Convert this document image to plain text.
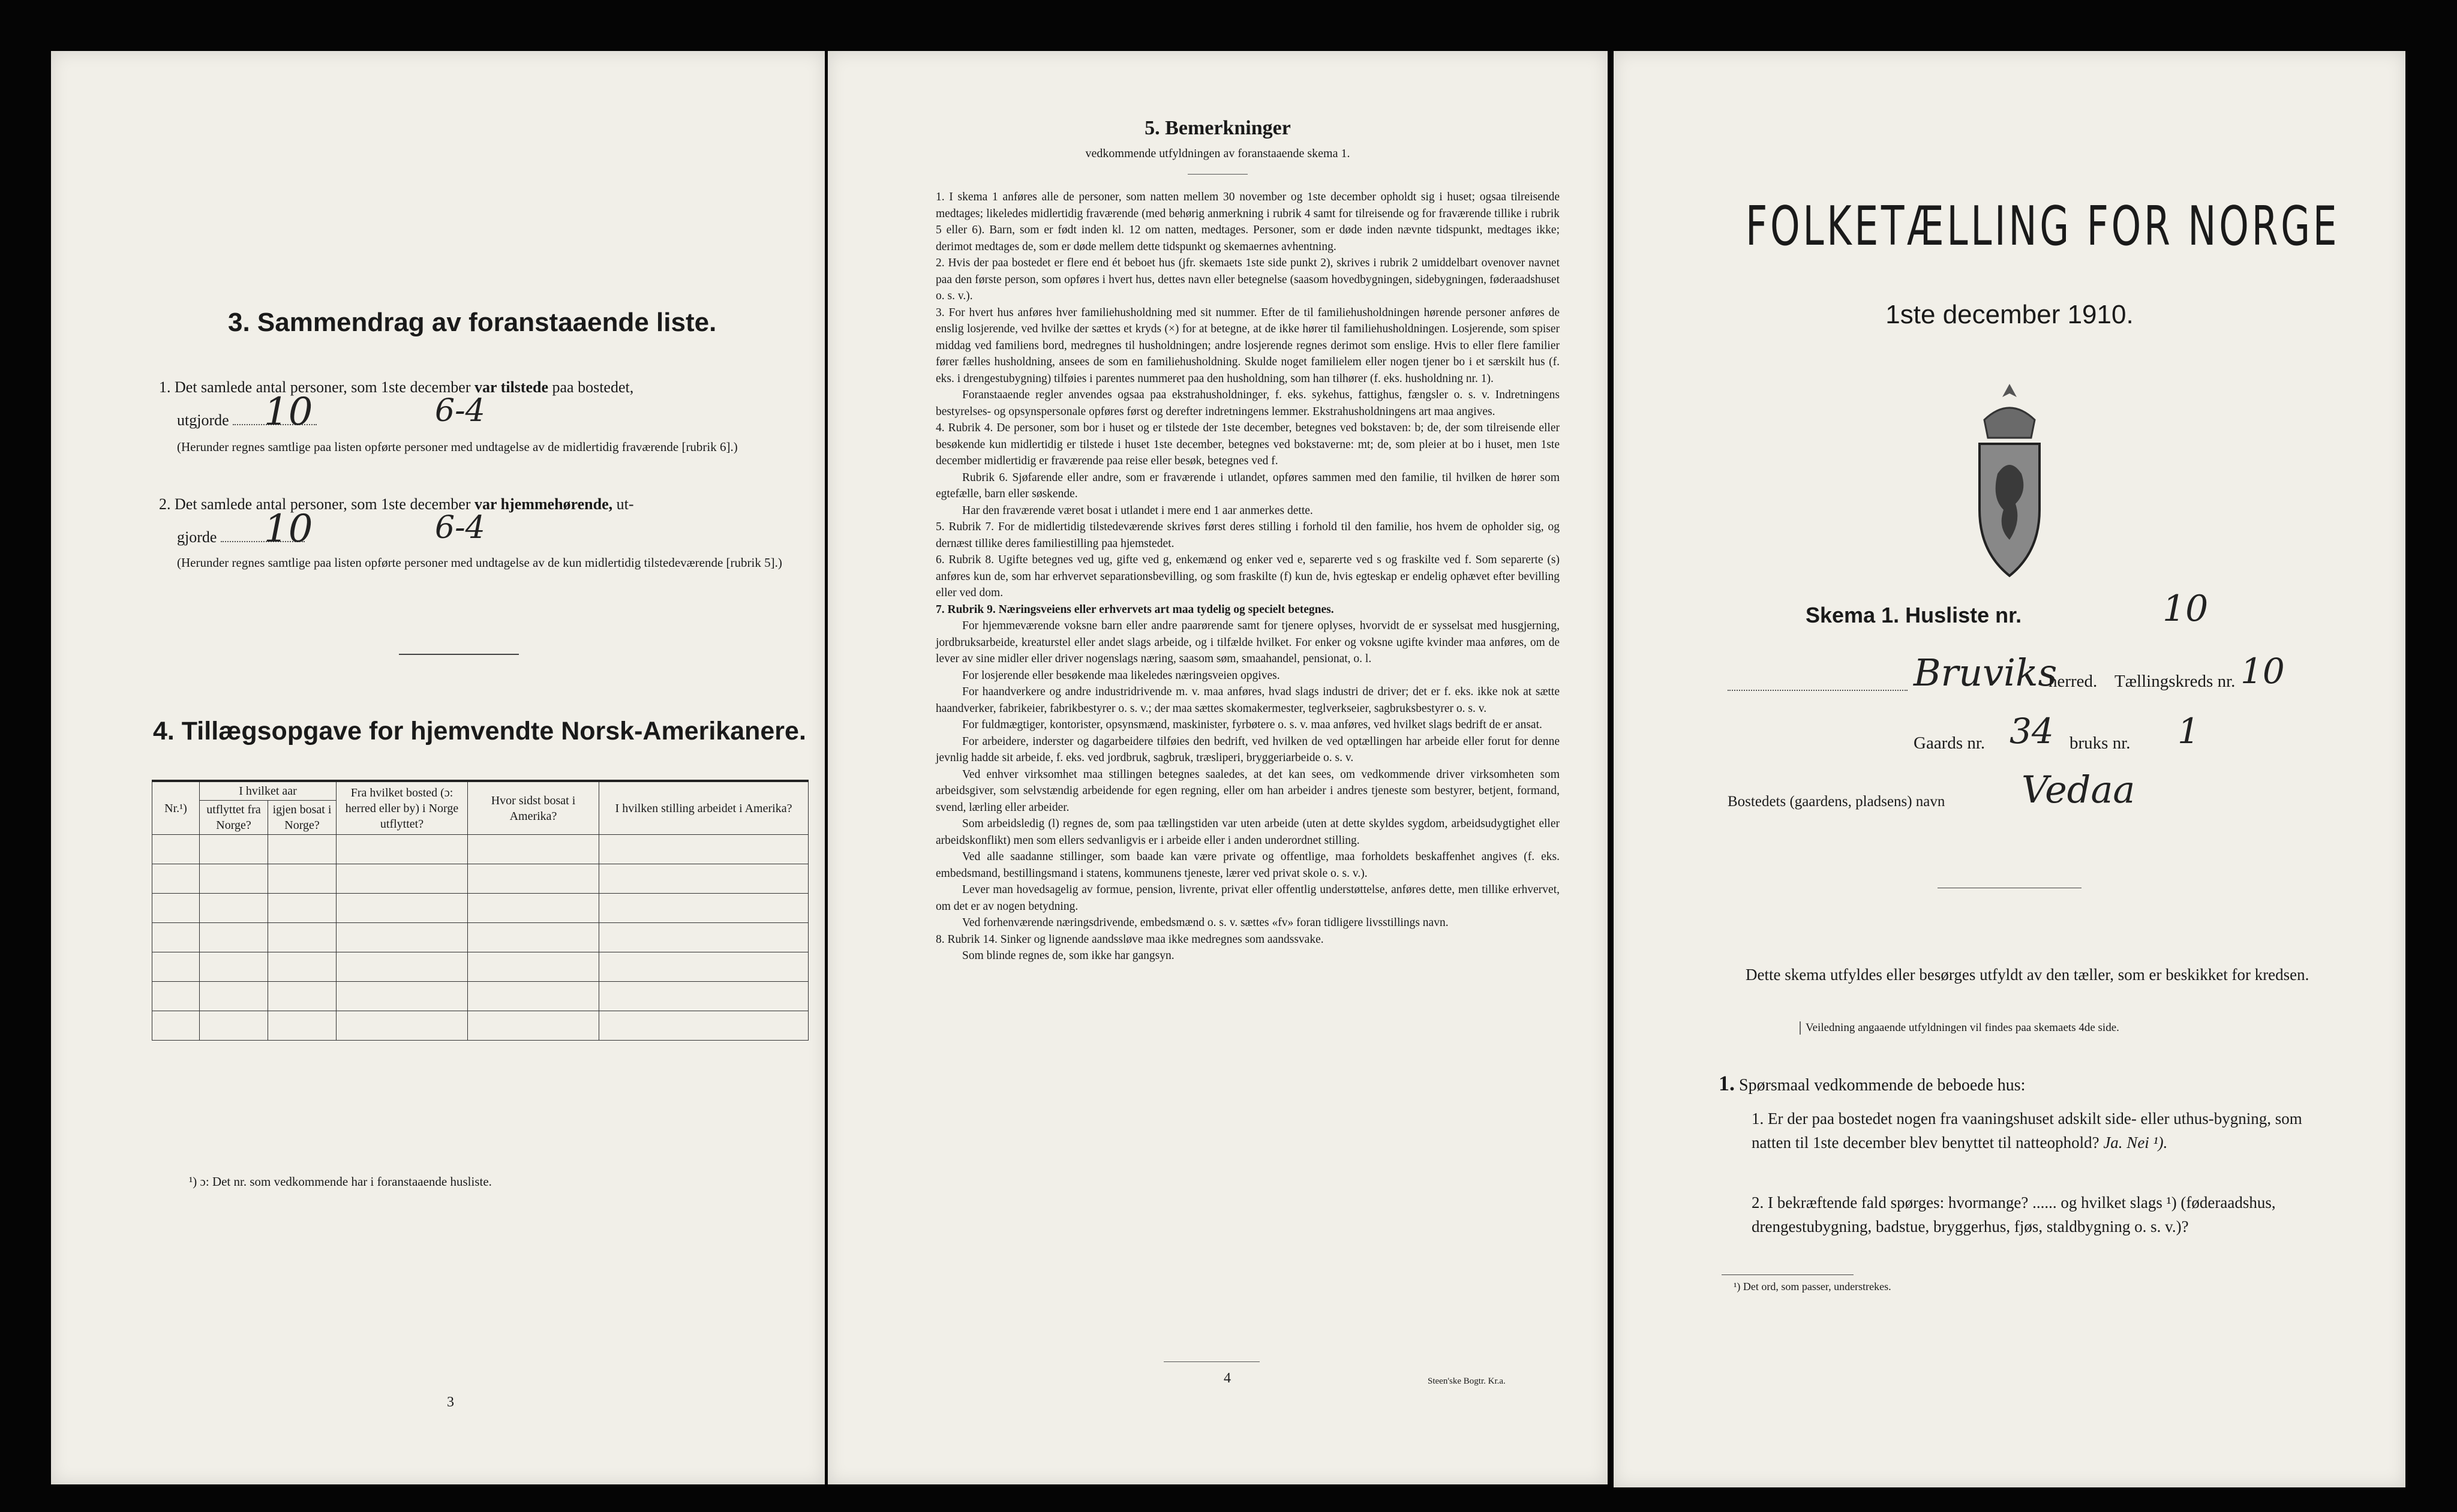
3. Sammendrag av foranstaaende liste.
1. Det samlede antal personer, som 1ste december var tilstede paa bostedet,
utgjorde 10	6-4
(Herunder regnes samtlige paa listen opførte personer med undtagelse av de midlertidig fraværende [rubrik 6].)
2. Det samlede antal personer, som 1ste december var hjemmehørende, ut-
gjorde	10	6-4
(Herunder regnes samtlige paa listen opførte personer med undtagelse av de kun midlertidig tilstedeværende [rubrik 5].)
4. Tillægsopgave for hjemvendte Norsk-Amerikanere.
Nr.¹)	I hvilket aar		Fra hvilket bosted (ɔ: herred eller by) i Norge utflyttet?	Hvor sidst bosat i Amerika?	I hvilken stilling arbeidet i Amerika?
	utflyttet fra Norge?	igjen bosat i Norge?			

¹) ɔ: Det nr. som vedkommende har i foranstaaende husliste.
3
5. Bemerkninger
vedkommende utfyldningen av foranstaaende skema 1.

1. I skema 1 anføres alle de personer, som natten mellem 30 november og 1ste december opholdt sig i huset; ogsaa tilreisende medtages; likeledes midlertidig fraværende (med behørig anmerkning i rubrik 4 samt for tilreisende og for fraværende tillike i rubrik 5 eller 6). Barn, som er født inden kl. 12 om natten, medtages. Personer, som er døde inden nævnte tidspunkt, medtages ikke; derimot medtages de, som er døde mellem dette tidspunkt og skemaernes avhentning.

2. Hvis der paa bostedet er flere end ét beboet hus (jfr. skemaets 1ste side punkt 2), skrives i rubrik 2 umiddelbart ovenover navnet paa den første person, som opføres i hvert hus, dettes navn eller betegnelse (saasom hovedbygningen, sidebygningen, føderaadshuset o. s. v.).

3. For hvert hus anføres hver familiehusholdning med sit nummer. Efter de til familiehusholdningen hørende personer anføres de enslig losjerende, ved hvilke der sættes et kryds (×) for at betegne, at de ikke hører til familiehusholdningen. Losjerende, som spiser middag ved familiens bord, medregnes til husholdningen; andre losjerende regnes derimot som enslige. Hvis to eller flere familier fører fælles husholdning, ansees de som en familiehusholdning. Skulde noget familielem eller nogen tjener bo i et særskilt hus (f. eks. i drengestubygning) tilføies i parentes nummeret paa den husholdning, som han tilhører (f. eks. husholdning nr. 1).

Foranstaaende regler anvendes ogsaa paa ekstrahusholdninger, f. eks. sykehus, fattighus, fængsler o. s. v. Indretningens bestyrelses- og opsynspersonale opføres først og derefter indretningens lemmer. Ekstrahusholdningens art maa angives.

4. Rubrik 4. De personer, som bor i huset og er tilstede der 1ste december, betegnes ved bokstaven: b; de, der som tilreisende eller besøkende kun midlertidig er tilstede i huset 1ste december, betegnes ved bokstaverne: mt; de, som pleier at bo i huset, men 1ste december midlertidig er fraværende paa reise eller besøk, betegnes ved f.

Rubrik 6. Sjøfarende eller andre, som er fraværende i utlandet, opføres sammen med den familie, til hvilken de hører som egtefælle, barn eller søskende.

Har den fraværende været bosat i utlandet i mere end 1 aar anmerkes dette.

5. Rubrik 7. For de midlertidig tilstedeværende skrives først deres stilling i forhold til den familie, hos hvem de opholder sig, og dernæst tillike deres familiestilling paa hjemstedet.

6. Rubrik 8. Ugifte betegnes ved ug, gifte ved g, enkemænd og enker ved e, separerte ved s og fraskilte ved f. Som separerte (s) anføres kun de, som har erhvervet separationsbevilling, og som fraskilte (f) kun de, hvis egteskap er endelig ophævet efter bevilling eller ved dom.

7. Rubrik 9. Næringsveiens eller erhvervets art maa tydelig og specielt betegnes.

For hjemmeværende voksne barn eller andre paarørende samt for tjenere oplyses, hvorvidt de er sysselsat med husgjerning, jordbruksarbeide, kreaturstel eller andet slags arbeide, og i tilfælde hvilket. For enker og voksne ugifte kvinder maa anføres, om de lever av sine midler eller driver nogenslags næring, saasom søm, smaahandel, pensionat, o. l.

For losjerende eller besøkende maa likeledes næringsveien opgives.

For haandverkere og andre industridrivende m. v. maa anføres, hvad slags industri de driver; det er f. eks. ikke nok at sætte haandverker, fabrikeier, fabrikbestyrer o. s. v.; der maa sættes skomakermester, teglverkseier, sagbruksbestyrer o. s. v.

For fuldmægtiger, kontorister, opsynsmænd, maskinister, fyrbøtere o. s. v. maa anføres, ved hvilket slags bedrift de er ansat.

For arbeidere, inderster og dagarbeidere tilføies den bedrift, ved hvilken de ved optællingen har arbeide eller forut for denne jevnlig hadde sit arbeide, f. eks. ved jordbruk, sagbruk, træsliperi, bryggeriarbeide o. s. v.

Ved enhver virksomhet maa stillingen betegnes saaledes, at det kan sees, om vedkommende driver virksomheten som arbeidsgiver, som selvstændig arbeidende for egen regning, eller om han arbeider i andres tjeneste som bestyrer, betjent, formand, svend, lærling eller arbeider.

Som arbeidsledig (l) regnes de, som paa tællingstiden var uten arbeide (uten at dette skyldes sygdom, arbeidsudygtighet eller arbeidskonflikt) men som ellers sedvanligvis er i arbeide eller i anden underordnet stilling.

Ved alle saadanne stillinger, som baade kan være private og offentlige, maa forholdets beskaffenhet angives (f. eks. embedsmand, bestillingsmand i statens, kommunens tjeneste, lærer ved privat skole o. s. v.).

Lever man hovedsagelig av formue, pension, livrente, privat eller offentlig understøttelse, anføres dette, men tillike erhvervet, om det er av nogen betydning.

Ved forhenværende næringsdrivende, embedsmænd o. s. v. sættes «fv» foran tidligere livsstillings navn.

8. Rubrik 14. Sinker og lignende aandssløve maa ikke medregnes som aandssvake.

Som blinde regnes de, som ikke har gangsyn.

4	Steen'ske Bogtr. Kr.a.
FOLKETÆLLING FOR NORGE
1ste december 1910.
Skema 1. Husliste nr.	10
Bruviks
herred. Tællingskreds nr. 10
Gaards nr. 34 bruks nr. 1
Bostedets (gaardens, pladsens) navn Vedaa
Dette skema utfyldes eller besørges utfyldt av den tæller, som er beskikket for kredsen.
Veiledning angaaende utfyldningen vil findes paa skemaets 4de side.
1. Spørsmaal vedkommende de beboede hus:
1. Er der paa bostedet nogen fra vaaningshuset adskilt side- eller uthus-bygning, som natten til 1ste december blev benyttet til natteophold? Ja. Nei ¹).
2. I bekræftende fald spørges: hvormange? ...... og hvilket slags ¹) (føderaadshus, drengestubygning, badstue, bryggerhus, fjøs, staldbygning o. s. v.)?
¹) Det ord, som passer, understrekes.
